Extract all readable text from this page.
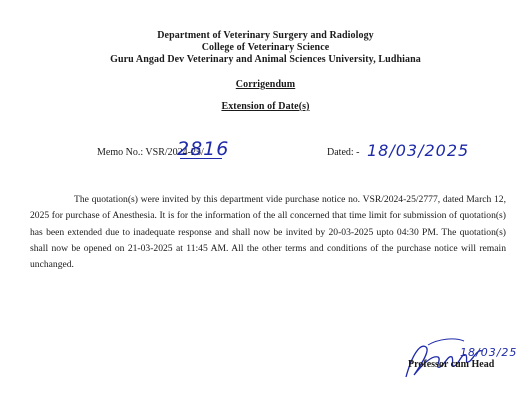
Department of Veterinary Surgery and Radiology
College of Veterinary Science
Guru Angad Dev Veterinary and Animal Sciences University, Ludhiana
Corrigendum
Extension of Date(s)
Memo No.: VSR/2024-25/
2816	Dated: - 18/03/2025
The quotation(s) were invited by this department vide purchase notice no. VSR/2024-25/2777, dated March 12, 2025 for purchase of Anesthesia. It is for the information of the all concerned that time limit for submission of quotation(s) has been extended due to inadequate response and shall now be invited by 20-03-2025 upto 04:30 PM. The quotation(s) shall now be opened on 21-03-2025 at 11:45 AM. All the other terms and conditions of the purchase notice will remain unchanged.
18/03/25
Professor cum Head
